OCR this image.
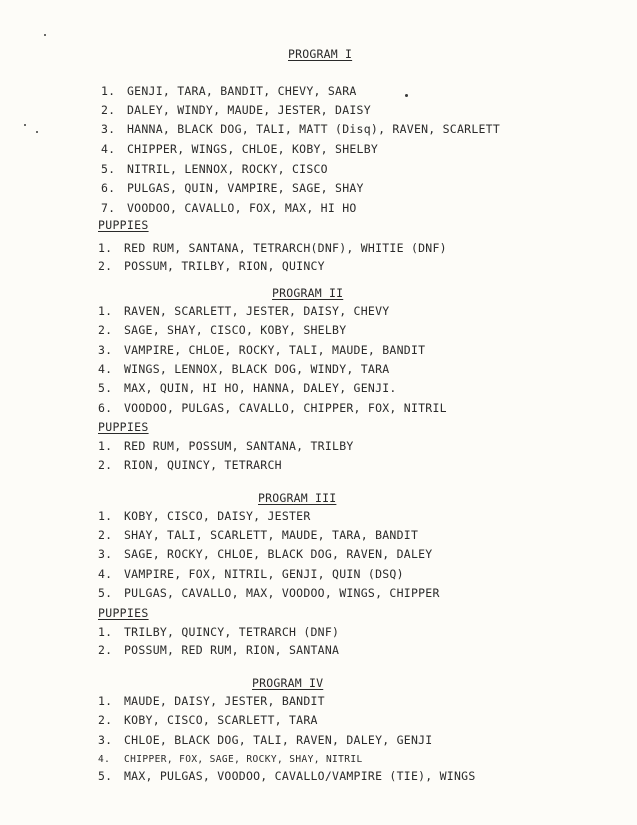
PROGRAM I
1. GENJI, TARA, BANDIT, CHEVY, SARA
2. DALEY, WINDY, MAUDE, JESTER, DAISY
3. HANNA, BLACK DOG, TALI, MATT (Disq), RAVEN, SCARLETT
4. CHIPPER, WINGS, CHLOE, KOBY, SHELBY
5. NITRIL, LENNOX, ROCKY, CISCO
6. PULGAS, QUIN, VAMPIRE, SAGE, SHAY
7. VOODOO, CAVALLO, FOX, MAX, HI HO
PUPPIES
1. RED RUM, SANTANA, TETRARCH(DNF), WHITIE (DNF)
2. POSSUM, TRILBY, RION, QUINCY
PROGRAM II
1. RAVEN, SCARLETT, JESTER, DAISY, CHEVY
2. SAGE, SHAY, CISCO, KOBY, SHELBY
3. VAMPIRE, CHLOE, ROCKY, TALI, MAUDE, BANDIT
4. WINGS, LENNOX, BLACK DOG, WINDY, TARA
5. MAX, QUIN, HI HO, HANNA, DALEY, GENJI.
6. VOODOO, PULGAS, CAVALLO, CHIPPER, FOX, NITRIL
PUPPIES
1. RED RUM, POSSUM, SANTANA, TRILBY
2. RION, QUINCY, TETRARCH
PROGRAM III
1. KOBY, CISCO, DAISY, JESTER
2. SHAY, TALI, SCARLETT, MAUDE, TARA, BANDIT
3. SAGE, ROCKY, CHLOE, BLACK DOG, RAVEN, DALEY
4. VAMPIRE, FOX, NITRIL, GENJI, QUIN (DSQ)
5. PULGAS, CAVALLO, MAX, VOODOO, WINGS, CHIPPER
PUPPIES
1. TRILBY, QUINCY, TETRARCH (DNF)
2. POSSUM, RED RUM, RION, SANTANA
PROGRAM IV
1. MAUDE, DAISY, JESTER, BANDIT
2. KOBY, CISCO, SCARLETT, TARA
3. CHLOE, BLACK DOG, TALI, RAVEN, DALEY, GENJI
4. CHIPPER, FOX, SAGE, ROCKY, SHAY, NITRIL
5. MAX, PULGAS, VOODOO, CAVALLO/VAMPIRE (TIE), WINGS
